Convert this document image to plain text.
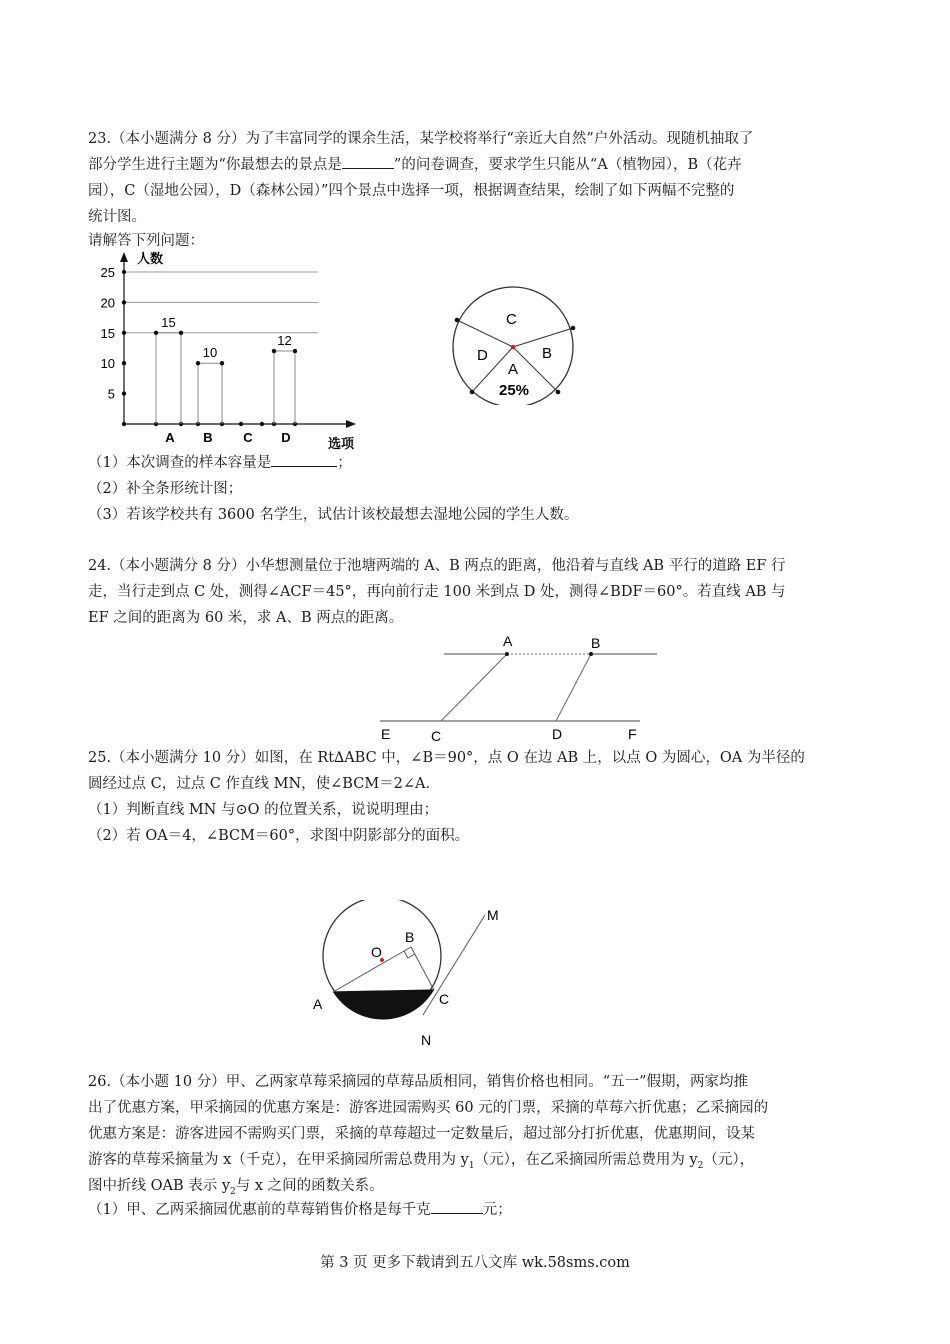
23.（本小题满分 8 分）为了丰富同学的课余生活，某学校将举行“亲近大自然”户外活动。现随机抽取了

部分学生进行主题为“你最想去的景点是	”的问卷调查，要求学生只能从“A（植物园），B（花卉

园），C（湿地公园），D（森林公园）”四个景点中选择一项，根据调查结果，绘制了如下两幅不完整的

统计图。

请解答下列问题：

5
10
15
20
25
人数
选项
A
15
B
10
C D
12
C
D	B
A
25%

（1）本次调查的样本容量是	；

（2）补全条形统计图；

（3）若该学校共有 3600 名学生，试估计该校最想去湿地公园的学生人数。

24.（本小题满分 8 分）小华想测量位于池塘两端的 A、B 两点的距离，他沿着与直线 AB 平行的道路 EF 行

走，当行走到点 C 处，测得∠ACF＝45°，再向前行走 100 米到点 D 处，测得∠BDF＝60°。若直线 AB 与

EF 之间的距离为 60 米，求 A、B 两点的距离。

A	B
E	C	D	F

25.（本小题满分 10 分）如图，在 Rt∆ABC 中，∠B＝90°，点 O 在边 AB 上，以点 O 为圆心，OA 为半径的

圆经过点 C，过点 C 作直线 MN，使∠BCM＝2∠A.

（1）判断直线 MN 与⊙O 的位置关系，说说明理由；

（2）若 OA＝4，∠BCM＝60°，求图中阴影部分的面积。

M
O
B
A	C
N

26.（本小题 10 分）甲、乙两家草莓采摘园的草莓品质相同，销售价格也相同。“五一”假期，两家均推

出了优惠方案，甲采摘园的优惠方案是：游客进园需购买 60 元的门票，采摘的草莓六折优惠；乙采摘园的

优惠方案是：游客进园不需购买门票，采摘的草莓超过一定数量后，超过部分打折优惠，优惠期间，设某

游客的草莓采摘量为 x（千克），在甲采摘园所需总费用为 $y_1$（元），在乙采摘园所需总费用为 $y_2$（元），

图中折线 OAB 表示 $y_2$与 x 之间的函数关系。

（1）甲、乙两采摘园优惠前的草莓销售价格是每千克	元；

第 3 页 更多下载请到五八文库 wk.58sms.com
